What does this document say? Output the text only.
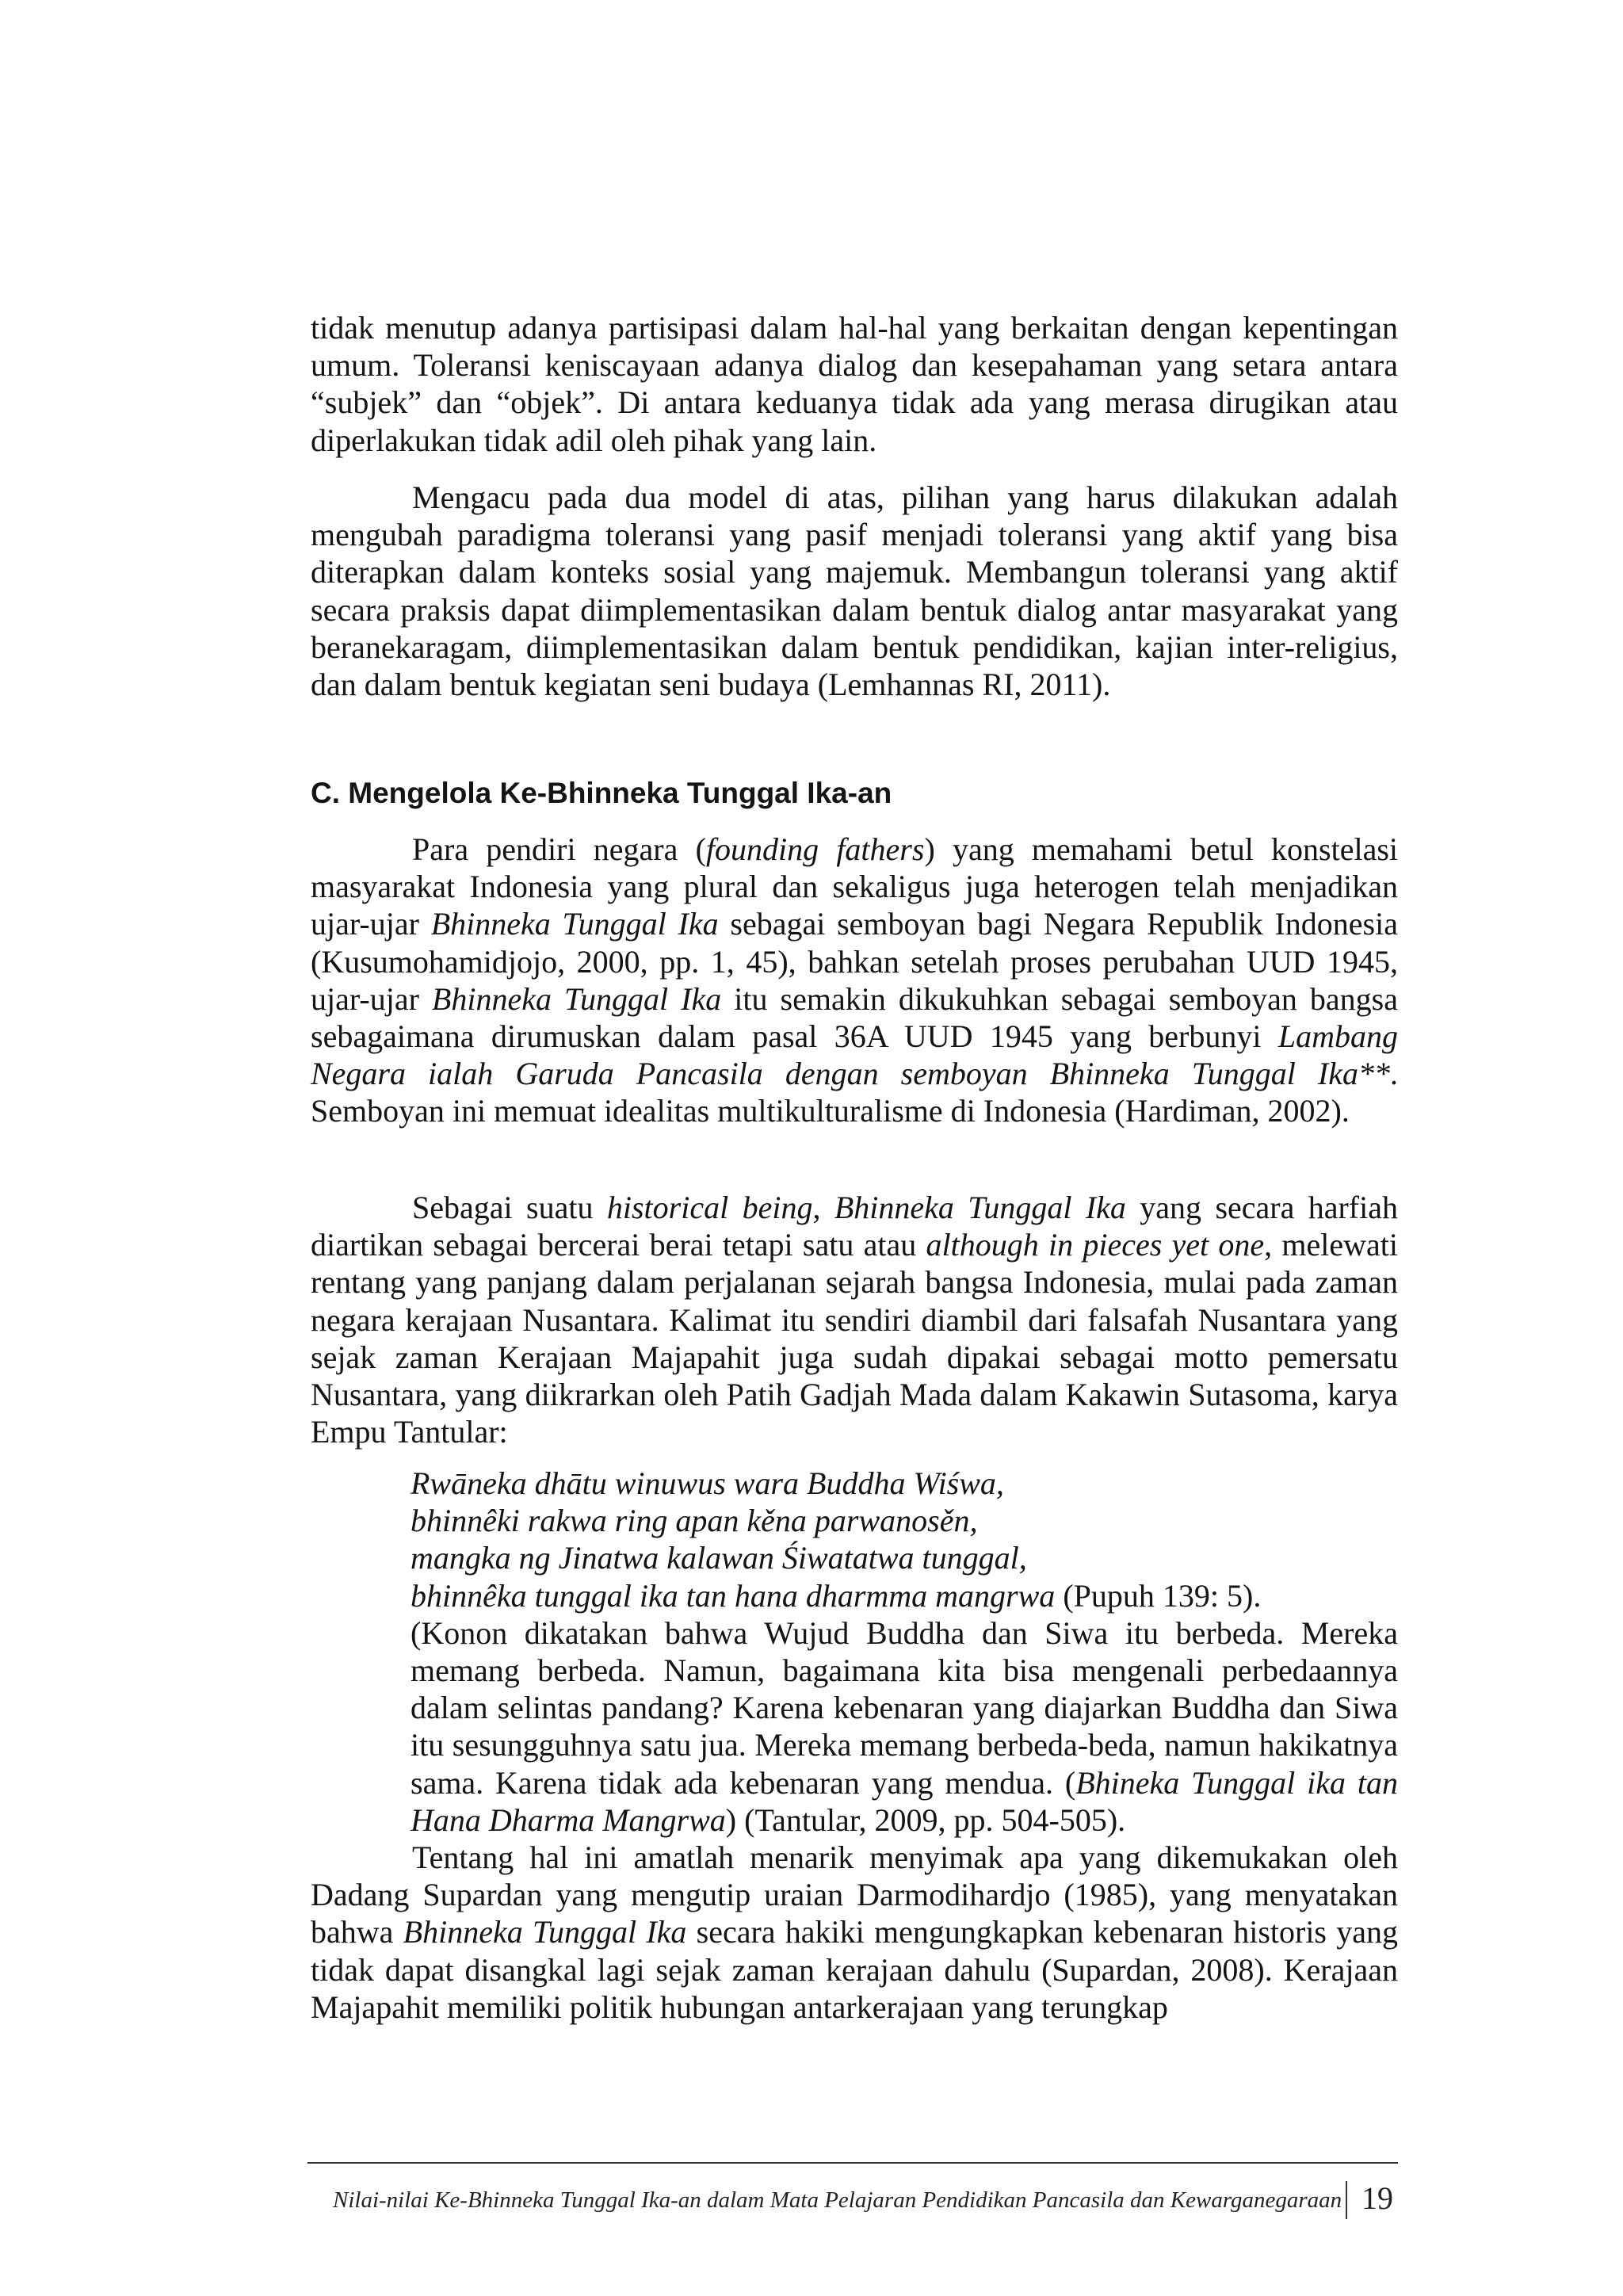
tidak menutup adanya partisipasi dalam hal-hal yang berkaitan dengan kepentingan umum. Toleransi keniscayaan adanya dialog dan kesepahaman yang setara antara “subjek” dan “objek”. Di antara keduanya tidak ada yang merasa dirugikan atau diperlakukan tidak adil oleh pihak yang lain.

Mengacu pada dua model di atas, pilihan yang harus dilakukan adalah mengubah paradigma toleransi yang pasif menjadi toleransi yang aktif yang bisa diterapkan dalam konteks sosial yang majemuk. Membangun toleransi yang aktif secara praksis dapat diimplementasikan dalam bentuk dialog antar masyarakat yang beranekaragam, diimplementasikan dalam bentuk pendidikan, kajian inter-religius, dan dalam bentuk kegiatan seni budaya (Lemhannas RI, 2011).

C. Mengelola Ke-Bhinneka Tunggal Ika-an

Para pendiri negara (founding fathers) yang memahami betul konstelasi masyarakat Indonesia yang plural dan sekaligus juga heterogen telah menjadikan ujar-ujar Bhinneka Tunggal Ika sebagai semboyan bagi Negara Republik Indonesia (Kusumohamidjojo, 2000, pp. 1, 45), bahkan setelah proses perubahan UUD 1945, ujar-ujar Bhinneka Tunggal Ika itu semakin dikukuhkan sebagai semboyan bangsa sebagaimana dirumuskan dalam pasal 36A UUD 1945 yang berbunyi Lambang Negara ialah Garuda Pancasila dengan semboyan Bhinneka Tunggal Ika**. Semboyan ini memuat idealitas multikulturalisme di Indonesia (Hardiman, 2002).

Sebagai suatu historical being, Bhinneka Tunggal Ika yang secara harfiah diartikan sebagai bercerai berai tetapi satu atau although in pieces yet one, melewati rentang yang panjang dalam perjalanan sejarah bangsa Indonesia, mulai pada zaman negara kerajaan Nusantara. Kalimat itu sendiri diambil dari falsafah Nusantara yang sejak zaman Kerajaan Majapahit juga sudah dipakai sebagai motto pemersatu Nusantara, yang diikrarkan oleh Patih Gadjah Mada dalam Kakawin Sutasoma, karya Empu Tantular:

Rwāneka dhātu winuwus wara Buddha Wiśwa,
bhinnêki rakwa ring apan kěna parwanosěn,
mangka ng Jinatwa kalawan Śiwatatwa tunggal,
bhinnêka tunggal ika tan hana dharmma mangrwa (Pupuh 139: 5).

(Konon dikatakan bahwa Wujud Buddha dan Siwa itu berbeda. Mereka memang berbeda. Namun, bagaimana kita bisa mengenali perbedaannya dalam selintas pandang? Karena kebenaran yang diajarkan Buddha dan Siwa itu sesungguhnya satu jua. Mereka memang berbeda-beda, namun hakikatnya sama. Karena tidak ada kebenaran yang mendua. (Bhineka Tunggal ika tan Hana Dharma Mangrwa) (Tantular, 2009, pp. 504-505).

Tentang hal ini amatlah menarik menyimak apa yang dikemukakan oleh Dadang Supardan yang mengutip uraian Darmodihardjo (1985), yang menyatakan bahwa Bhinneka Tunggal Ika secara hakiki mengungkapkan kebenaran historis yang tidak dapat disangkal lagi sejak zaman kerajaan dahulu (Supardan, 2008). Kerajaan Majapahit memiliki politik hubungan antarkerajaan yang terungkap

Nilai-nilai Ke-Bhinneka Tunggal Ika-an dalam Mata Pelajaran Pendidikan Pancasila dan Kewarganegaraan 19
